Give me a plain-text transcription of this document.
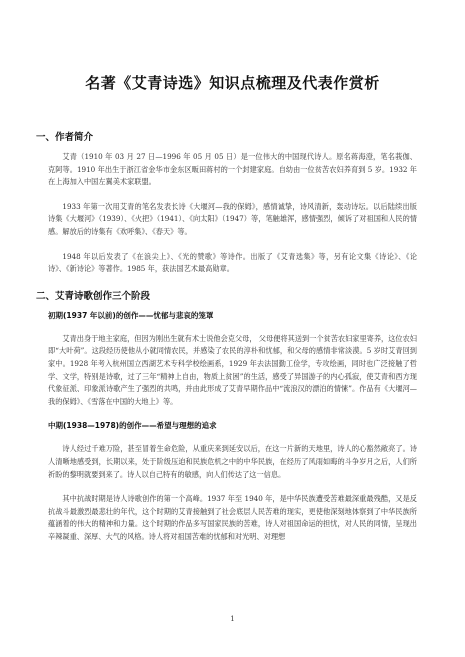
名著《艾青诗选》知识点梳理及代表作赏析
一、作者简介

艾青（1910 年 03 月 27 日—1996 年 05 月 05 日）是一位伟大的中国现代诗人。原名蒋海澄，笔名莪伽、克阿等。1910 年出生于浙江省金华市金东区畈田蒋村的一个封建家庭。自幼由一位贫苦农妇养育到 5 岁。1932 年在上海加入中国左翼美术家联盟。

1933 年第一次用艾青的笔名发表长诗《大堰河—我的保姆》，感情诚挚，诗风清新，轰动诗坛。以后陆续出版诗集《大堰河》（1939）、《火把》（1941）、《向太阳》（1947）等，笔触雄浑，感情强烈，倾诉了对祖国和人民的情感。解放后的诗集有《欢呼集》、《春天》等。

1948 年以后发表了《在浪尖上》、《光的赞歌》等诗作。出版了《艾青选集》等，另有论文集《诗论》、《论诗》、《新诗论》等著作。1985 年，获法国艺术最高勋章。

二、艾青诗歌创作三个阶段
初期(1937 年以前)的创作——忧郁与悲哀的笼罩

艾青出身于地主家庭，但因为刚出生就有术士说他会克父母， 父母便将其送到一个贫苦农妇家里寄养，这位农妇即“大叶荷”。这段经历使他从小就同情农民，并感染了农民的淳朴和忧郁，和父母的感情非常淡漠。5 岁时艾青回到家中。1928 年考入杭州国立西湖艺术专科学校绘画系，1929 年去法国勤工俭学，专攻绘画，同时也广泛接触了哲学、文学，特别是诗歌，过了三年“精神上自由，物质上贫困”的生活，感受了异国游子的内心孤寂，使艾青和西方现代象征派、印象派诗歌产生了强烈的共鸣，并由此形成了艾青早期作品中“流浪汉的漂泊的情愫”。作品有《大堰河—我的保姆》、《雪落在中国的大地上》等。

中期(1938—1978)的创作——希望与理想的追求

诗人经过千难万险，甚至冒着生命危险，从重庆来到延安以后，在这一片新的天地里，诗人的心豁然敞亮了。诗人清晰地感受到，长期以来，处于阶级压迫和民族危机之中的中华民族，在经历了风雨如晦的斗争岁月之后，人们所祈盼的黎明就要到来了。诗人以自己特有的敏感，向人们传达了这一信息。

其中抗战时期是诗人诗歌创作的第一个高峰。1937 年至 1940 年，是中华民族遭受苦难最深重最残酷，又是反抗战斗最激烈最悲壮的年代，这个时期的艾青接触到了社会底层人民苦难的现实，更使他深刻地体察到了中华民族所蕴涵着的伟大的精神和力量。这个时期的作品多写国家民族的苦难，诗人对祖国命运的担忧，对人民的同情，呈现出辛辣凝重、深厚、大气的风格。诗人将对祖国苦难的忧郁和对光明、对理想

1
